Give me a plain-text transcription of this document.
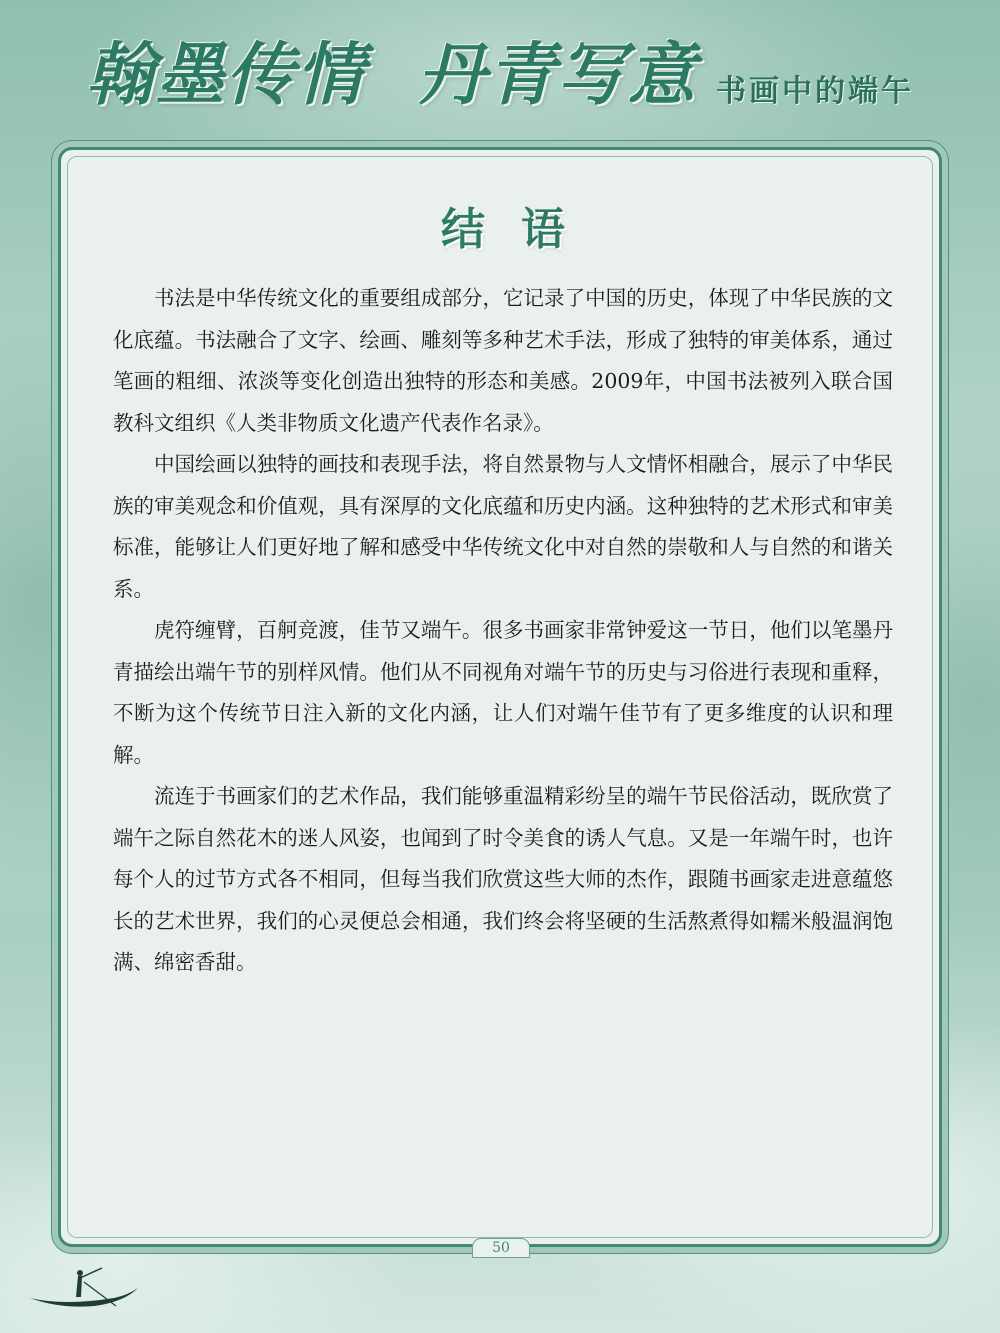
翰墨传情  丹青写意 书画中的端午
结语

书法是中华传统文化的重要组成部分，它记录了中国的历史，体现了中华民族的文化底蕴。书法融合了文字、绘画、雕刻等多种艺术手法，形成了独特的审美体系，通过笔画的粗细、浓淡等变化创造出独特的形态和美感。2009年，中国书法被列入联合国教科文组织《人类非物质文化遗产代表作名录》。

中国绘画以独特的画技和表现手法，将自然景物与人文情怀相融合，展示了中华民族的审美观念和价值观，具有深厚的文化底蕴和历史内涵。这种独特的艺术形式和审美标准，能够让人们更好地了解和感受中华传统文化中对自然的崇敬和人与自然的和谐关系。

虎符缠臂，百舸竞渡，佳节又端午。很多书画家非常钟爱这一节日，他们以笔墨丹青描绘出端午节的别样风情。他们从不同视角对端午节的历史与习俗进行表现和重释，不断为这个传统节日注入新的文化内涵，让人们对端午佳节有了更多维度的认识和理解。

流连于书画家们的艺术作品，我们能够重温精彩纷呈的端午节民俗活动，既欣赏了端午之际自然花木的迷人风姿，也闻到了时令美食的诱人气息。又是一年端午时，也许每个人的过节方式各不相同，但每当我们欣赏这些大师的杰作，跟随书画家走进意蕴悠长的艺术世界，我们的心灵便总会相通，我们终会将坚硬的生活熬煮得如糯米般温润饱满、绵密香甜。

50
